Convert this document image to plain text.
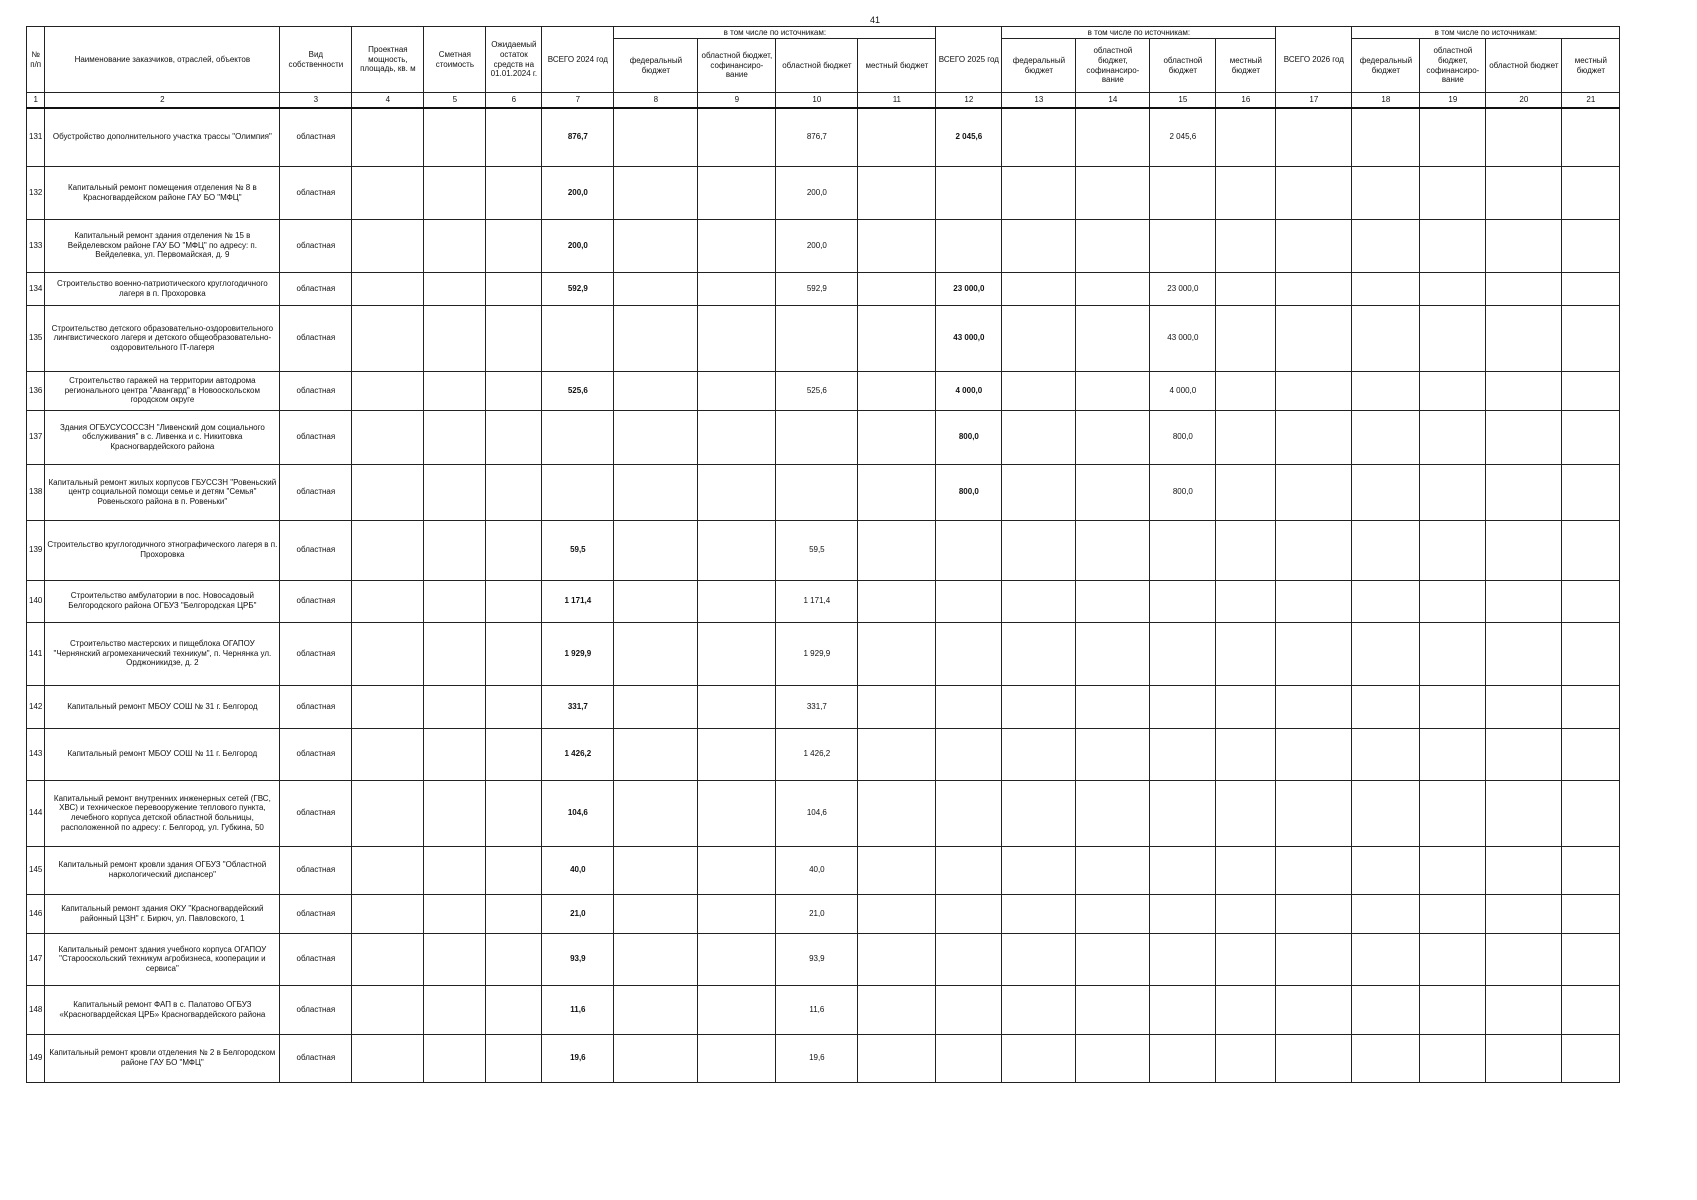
41
№ п/п	Наименование заказчиков, отраслей, объектов	Вид собственности	Проектная мощность, площадь, кв. м	Сметная стоимость	Ожидаемый остаток средств на 01.01.2024 г.	ВСЕГО 2024 год	в том числе по источникам:				ВСЕГО 2025 год	в том числе по источникам:				ВСЕГО 2026 год	в том числе по источникам:			
							федеральный бюджет	областной бюджет, софинансиро-вание	областной бюджет	местный бюджет		федеральный бюджет	областной бюджет, софинансиро-вание	областной бюджет	местный бюджет		федеральный бюджет	областной бюджет, софинансиро-вание	областной бюджет	местный бюджет
1	2	3	4	5	6	7	8	9	10	11	12	13	14	15	16	17	18	19	20	21
131	Обустройство дополнительного участка трассы "Олимпия"	областная				876,7			876,7		2 045,6			2 045,6						
132	Капитальный ремонт помещения отделения № 8 в Красногвардейском районе ГАУ БО "МФЦ"	областная				200,0			200,0											
133	Капитальный ремонт здания отделения № 15 в Вейделевском районе ГАУ БО "МФЦ" по адресу: п. Вейделевка, ул. Первомайская, д. 9	областная				200,0			200,0											
134	Строительство военно-патриотического круглогодичного лагеря в п. Прохоровка	областная				592,9			592,9		23 000,0			23 000,0						
135	Строительство детского образовательно-оздоровительного лингвистического лагеря и детского общеобразовательно-оздоровительного IT-лагеря	областная									43 000,0			43 000,0						
136	Строительство гаражей на территории автодрома регионального центра "Авангард" в Новооскольском городском округе	областная				525,6			525,6		4 000,0			4 000,0						
137	Здания ОГБУСУСОССЗН "Ливенский дом социального обслуживания" в с. Ливенка и с. Никитовка Красногвардейского района	областная									800,0			800,0						
138	Капитальный ремонт жилых корпусов ГБУССЗН "Ровеньский центр социальной помощи семье и детям "Семья" Ровеньского района в п. Ровеньки"	областная									800,0			800,0						
139	Строительство круглогодичного этнографического лагеря в п. Прохоровка	областная				59,5			59,5											
140	Строительство амбулатории в пос. Новосадовый Белгородского района ОГБУЗ "Белгородская ЦРБ"	областная				1 171,4			1 171,4											
141	Строительство мастерских и пищеблока ОГАПОУ "Чернянский агромеханический техникум", п. Чернянка ул. Орджоникидзе, д. 2	областная				1 929,9			1 929,9											
142	Капитальный ремонт МБОУ СОШ № 31 г. Белгород	областная				331,7			331,7											
143	Капитальный ремонт МБОУ СОШ № 11 г. Белгород	областная				1 426,2			1 426,2											
144	Капитальный ремонт внутренних инженерных сетей (ГВС, ХВС) и техническое перевооружение теплового пункта, лечебного корпуса детской областной больницы, расположенной по адресу: г. Белгород, ул. Губкина, 50	областная				104,6			104,6											
145	Капитальный ремонт кровли здания ОГБУЗ "Областной наркологический диспансер"	областная				40,0			40,0											
146	Капитальный ремонт здания ОКУ "Красногвардейский районный ЦЗН" г. Бирюч, ул. Павловского, 1	областная				21,0			21,0											
147	Капитальный ремонт здания учебного корпуса ОГАПОУ "Старооскольский техникум агробизнеса, кооперации и сервиса"	областная				93,9			93,9											
148	Капитальный ремонт ФАП в с. Палатово ОГБУЗ «Красногвардейская ЦРБ» Красногвардейского района	областная				11,6			11,6											
149	Капитальный ремонт кровли отделения № 2 в Белгородском районе ГАУ БО "МФЦ"	областная				19,6			19,6											
